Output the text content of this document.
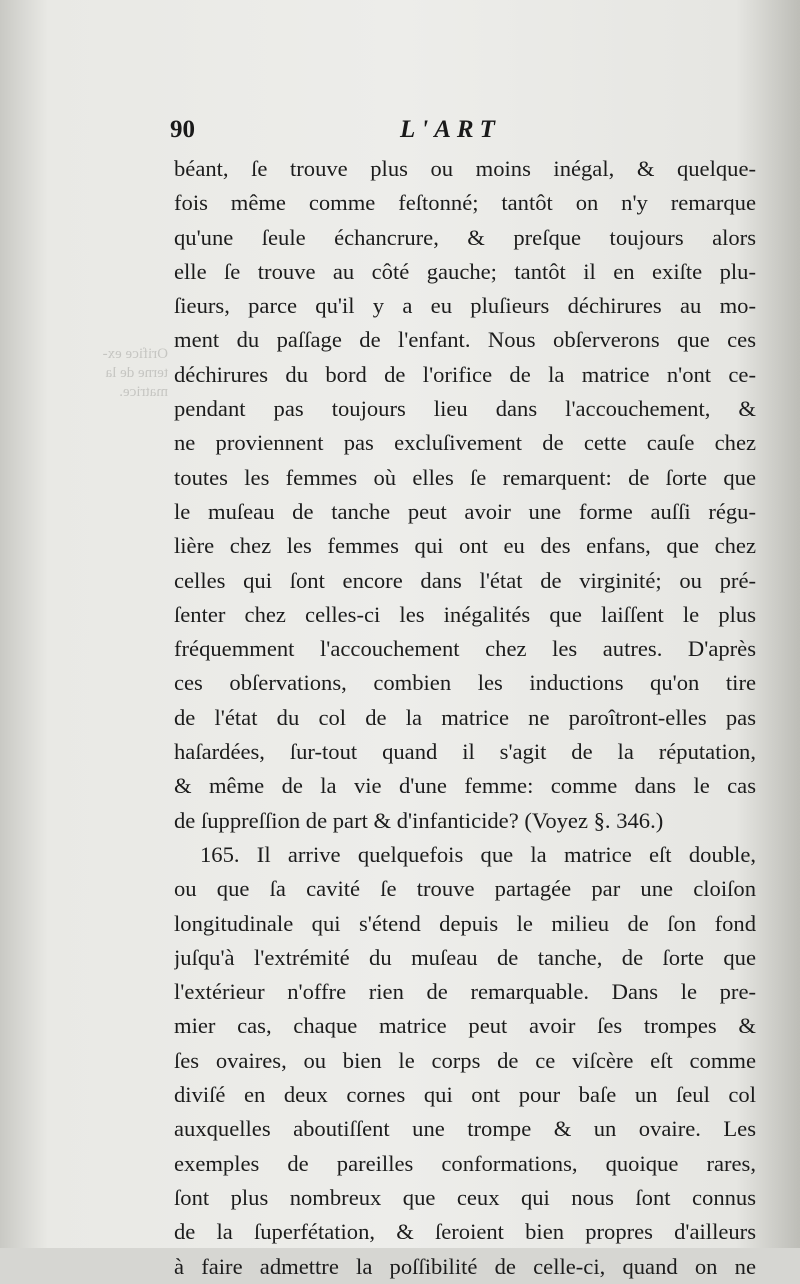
Orifice ex-
terne de la
matrice.
90	L'ART
béant, ſe trouve plus ou moins inégal, & quelque-
fois même comme feſtonné; tantôt on n'y remarque
qu'une ſeule échancrure, & preſque toujours alors
elle ſe trouve au côté gauche; tantôt il en exiſte plu-
ſieurs, parce qu'il y a eu pluſieurs déchirures au mo-
ment du paſſage de l'enfant. Nous obſerverons que ces
déchirures du bord de l'orifice de la matrice n'ont ce-
pendant pas toujours lieu dans l'accouchement, &
ne proviennent pas excluſivement de cette cauſe chez
toutes les femmes où elles ſe remarquent: de ſorte que
le muſeau de tanche peut avoir une forme auſſi régu-
lière chez les femmes qui ont eu des enfans, que chez
celles qui ſont encore dans l'état de virginité; ou pré-
ſenter chez celles-ci les inégalités que laiſſent le plus
fréquemment l'accouchement chez les autres. D'après
ces obſervations, combien les inductions qu'on tire
de l'état du col de la matrice ne paroîtront-elles pas
haſardées, ſur-tout quand il s'agit de la réputation,
& même de la vie d'une femme: comme dans le cas
de ſuppreſſion de part & d'infanticide? (Voyez §. 346.)
165. Il arrive quelquefois que la matrice eſt double,
ou que ſa cavité ſe trouve partagée par une cloiſon
longitudinale qui s'étend depuis le milieu de ſon fond
juſqu'à l'extrémité du muſeau de tanche, de ſorte que
l'extérieur n'offre rien de remarquable. Dans le pre-
mier cas, chaque matrice peut avoir ſes trompes &
ſes ovaires, ou bien le corps de ce viſcère eſt comme
diviſé en deux cornes qui ont pour baſe un ſeul col
auxquelles aboutiſſent une trompe & un ovaire. Les
exemples de pareilles conformations, quoique rares,
ſont plus nombreux que ceux qui nous ſont connus
de la ſuperfétation, & ſeroient bien propres d'ailleurs
à faire admettre la poſſibilité de celle-ci, quand on ne
